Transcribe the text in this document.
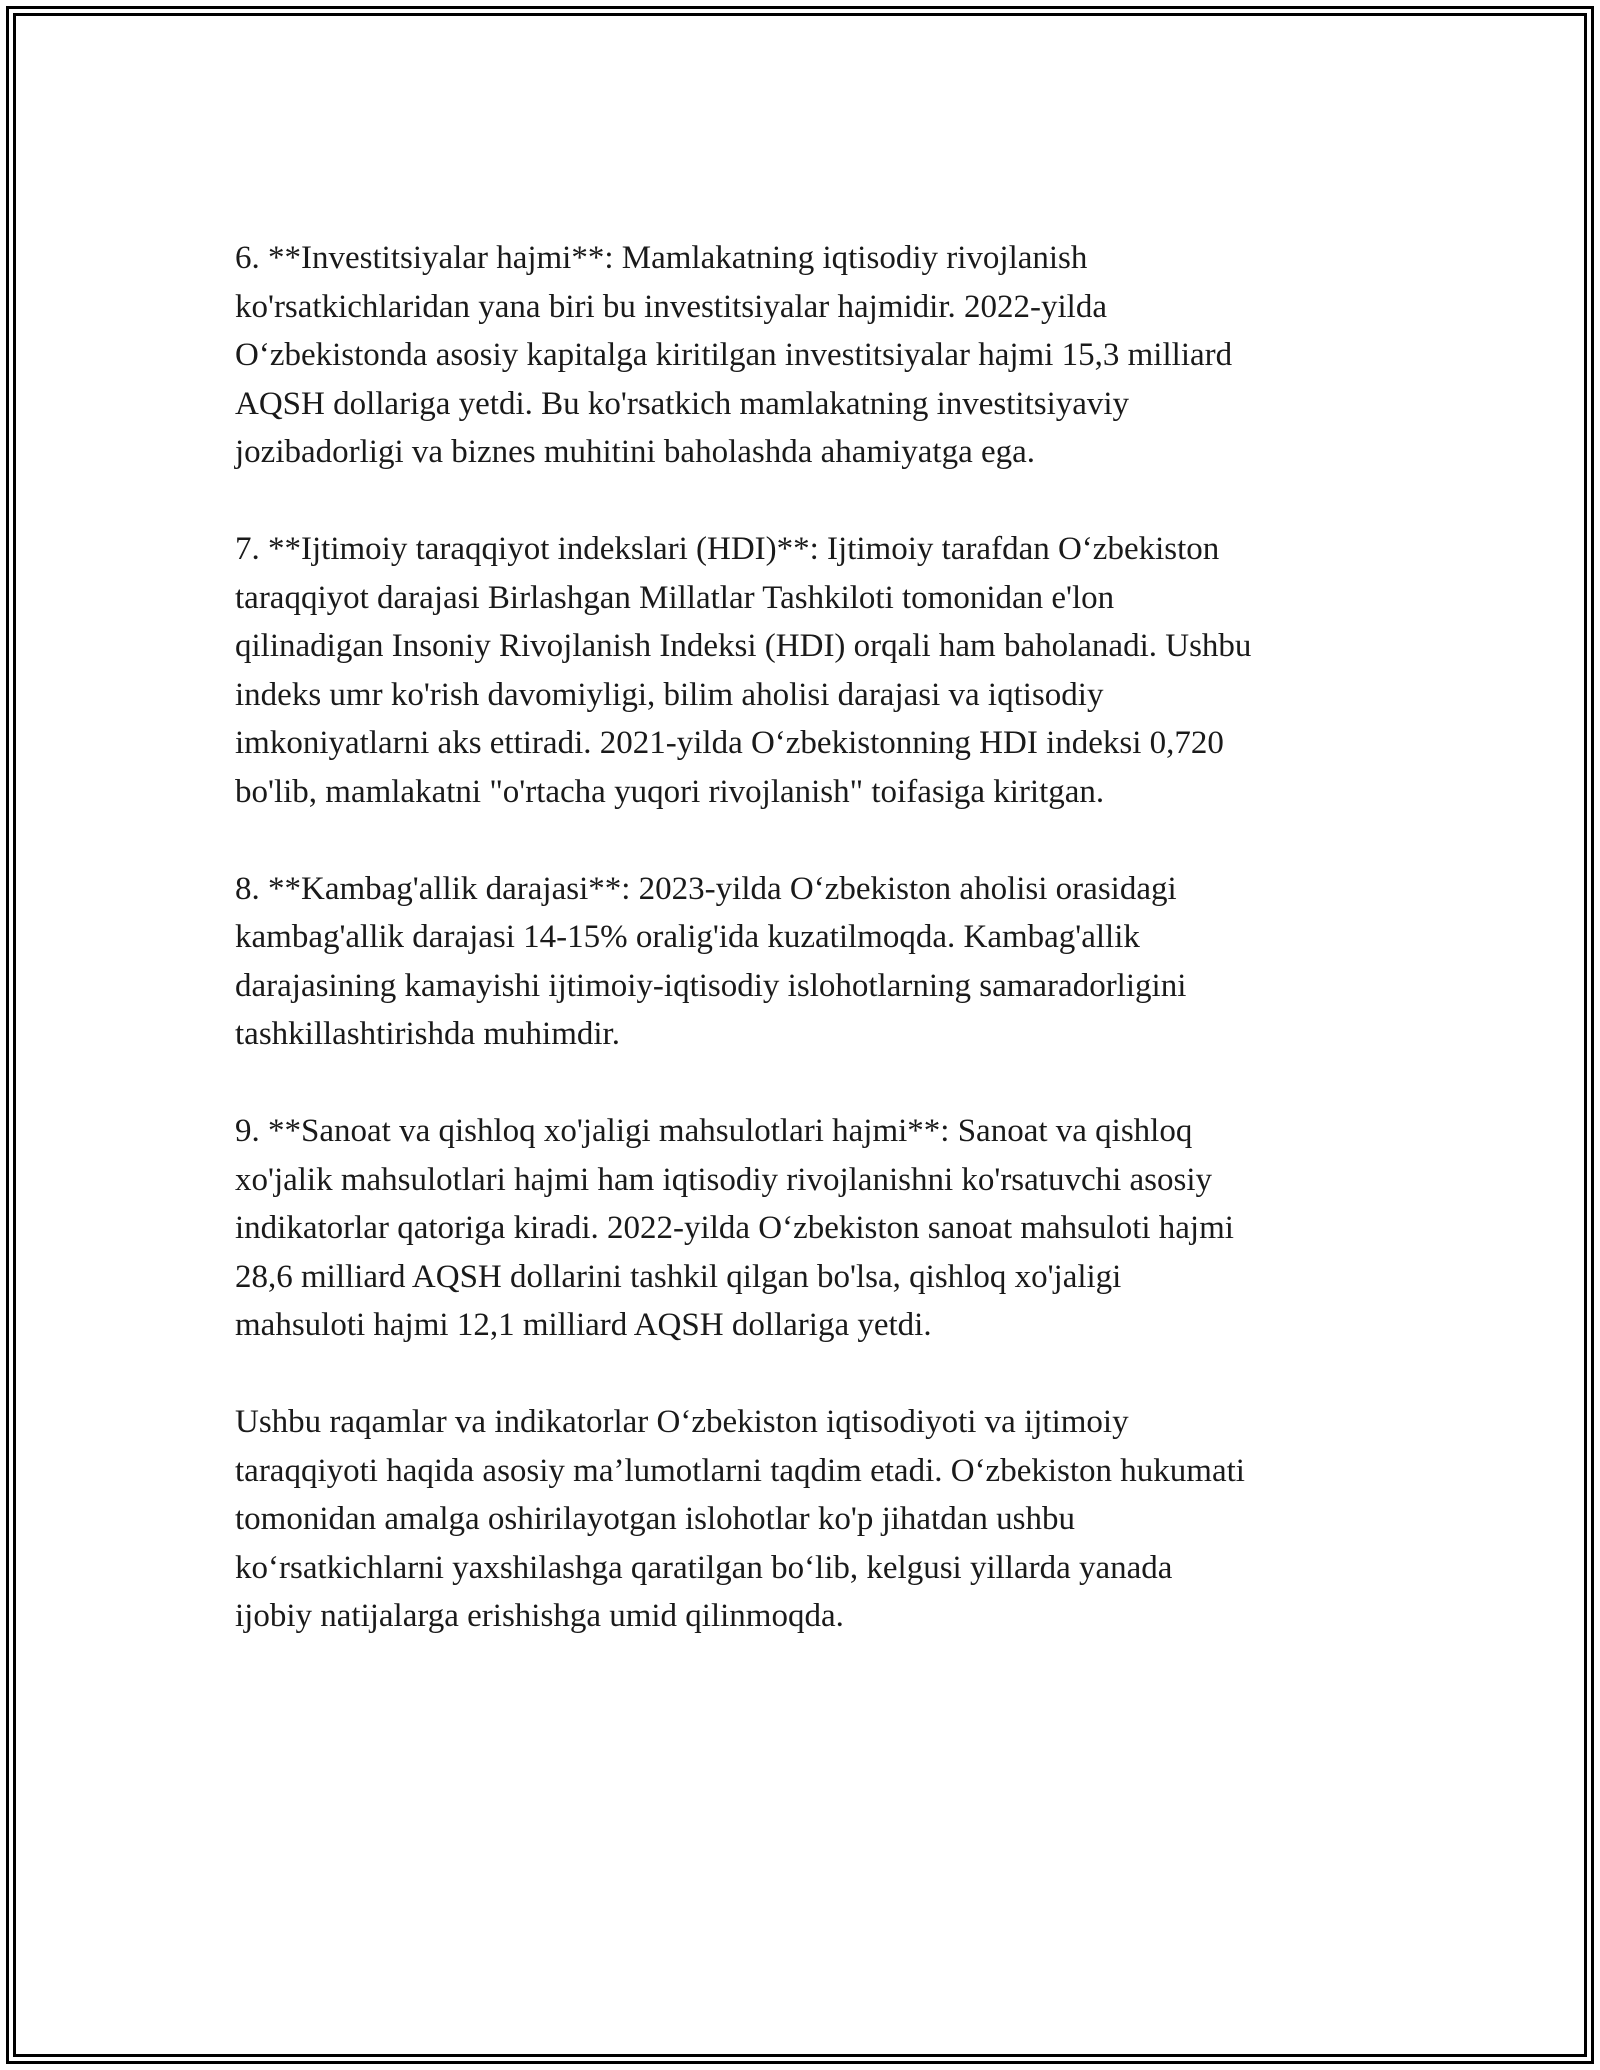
6. **Investitsiyalar hajmi**: Mamlakatning iqtisodiy rivojlanish
ko'rsatkichlaridan yana biri bu investitsiyalar hajmidir. 2022-yilda
O‘zbekistonda asosiy kapitalga kiritilgan investitsiyalar hajmi 15,3 milliard
AQSH dollariga yetdi. Bu ko'rsatkich mamlakatning investitsiyaviy
jozibadorligi va biznes muhitini baholashda ahamiyatga ega.

7. **Ijtimoiy taraqqiyot indekslari (HDI)**: Ijtimoiy tarafdan O‘zbekiston
taraqqiyot darajasi Birlashgan Millatlar Tashkiloti tomonidan e'lon
qilinadigan Insoniy Rivojlanish Indeksi (HDI) orqali ham baholanadi. Ushbu
indeks umr ko'rish davomiyligi, bilim aholisi darajasi va iqtisodiy
imkoniyatlarni aks ettiradi. 2021-yilda O‘zbekistonning HDI indeksi 0,720
bo'lib, mamlakatni "o'rtacha yuqori rivojlanish" toifasiga kiritgan.

8. **Kambag'allik darajasi**: 2023-yilda O‘zbekiston aholisi orasidagi
kambag'allik darajasi 14-15% oralig'ida kuzatilmoqda. Kambag'allik
darajasining kamayishi ijtimoiy-iqtisodiy islohotlarning samaradorligini
tashkillashtirishda muhimdir.

9. **Sanoat va qishloq xo'jaligi mahsulotlari hajmi**: Sanoat va qishloq
xo'jalik mahsulotlari hajmi ham iqtisodiy rivojlanishni ko'rsatuvchi asosiy
indikatorlar qatoriga kiradi. 2022-yilda O‘zbekiston sanoat mahsuloti hajmi
28,6 milliard AQSH dollarini tashkil qilgan bo'lsa, qishloq xo'jaligi
mahsuloti hajmi 12,1 milliard AQSH dollariga yetdi.

Ushbu raqamlar va indikatorlar O‘zbekiston iqtisodiyoti va ijtimoiy
taraqqiyoti haqida asosiy ma’lumotlarni taqdim etadi. O‘zbekiston hukumati
tomonidan amalga oshirilayotgan islohotlar ko'p jihatdan ushbu
ko‘rsatkichlarni yaxshilashga qaratilgan bo‘lib, kelgusi yillarda yanada
ijobiy natijalarga erishishga umid qilinmoqda.
